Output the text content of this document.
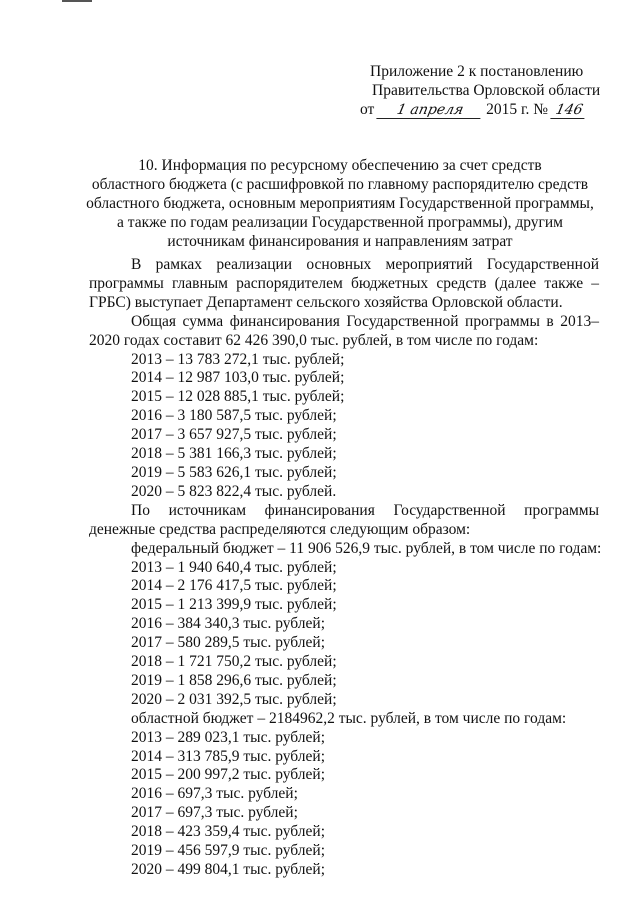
Приложение 2 к постановлению
Правительства Орловской области
от 1 апреля 2015 г. № 146
10. Информация по ресурсному обеспечению за счет средств
областного бюджета (с расшифровкой по главному распорядителю средств
областного бюджета, основным мероприятиям Государственной программы,
а также по годам реализации Государственной программы), другим
источникам финансирования и направлениям затрат

В рамках реализации основных мероприятий Государственной программы главным распорядителем бюджетных средств (далее также – ГРБС) выступает Департамент сельского хозяйства Орловской области.

Общая сумма финансирования Государственной программы в 2013–2020 годах составит 62 426 390,0 тыс. рублей, в том числе по годам:

2013 – 13 783 272,1 тыс. рублей;
2014 – 12 987 103,0 тыс. рублей;
2015 – 12 028 885,1 тыс. рублей;
2016 – 3 180 587,5 тыс. рублей;
2017 – 3 657 927,5 тыс. рублей;
2018 – 5 381 166,3 тыс. рублей;
2019 – 5 583 626,1 тыс. рублей;
2020 – 5 823 822,4 тыс. рублей.

По источникам финансирования Государственной программы денежные средства распределяются следующим образом:

федеральный бюджет – 11 906 526,9 тыс. рублей, в том числе по годам:

2013 – 1 940 640,4 тыс. рублей;
2014 – 2 176 417,5 тыс. рублей;
2015 – 1 213 399,9 тыс. рублей;
2016 – 384 340,3 тыс. рублей;
2017 – 580 289,5 тыс. рублей;
2018 – 1 721 750,2 тыс. рублей;
2019 – 1 858 296,6 тыс. рублей;
2020 – 2 031 392,5 тыс. рублей;

областной бюджет – 2184962,2 тыс. рублей, в том числе по годам:

2013 – 289 023,1 тыс. рублей;
2014 – 313 785,9 тыс. рублей;
2015 – 200 997,2 тыс. рублей;
2016 – 697,3 тыс. рублей;
2017 – 697,3 тыс. рублей;
2018 – 423 359,4 тыс. рублей;
2019 – 456 597,9 тыс. рублей;
2020 – 499 804,1 тыс. рублей;
